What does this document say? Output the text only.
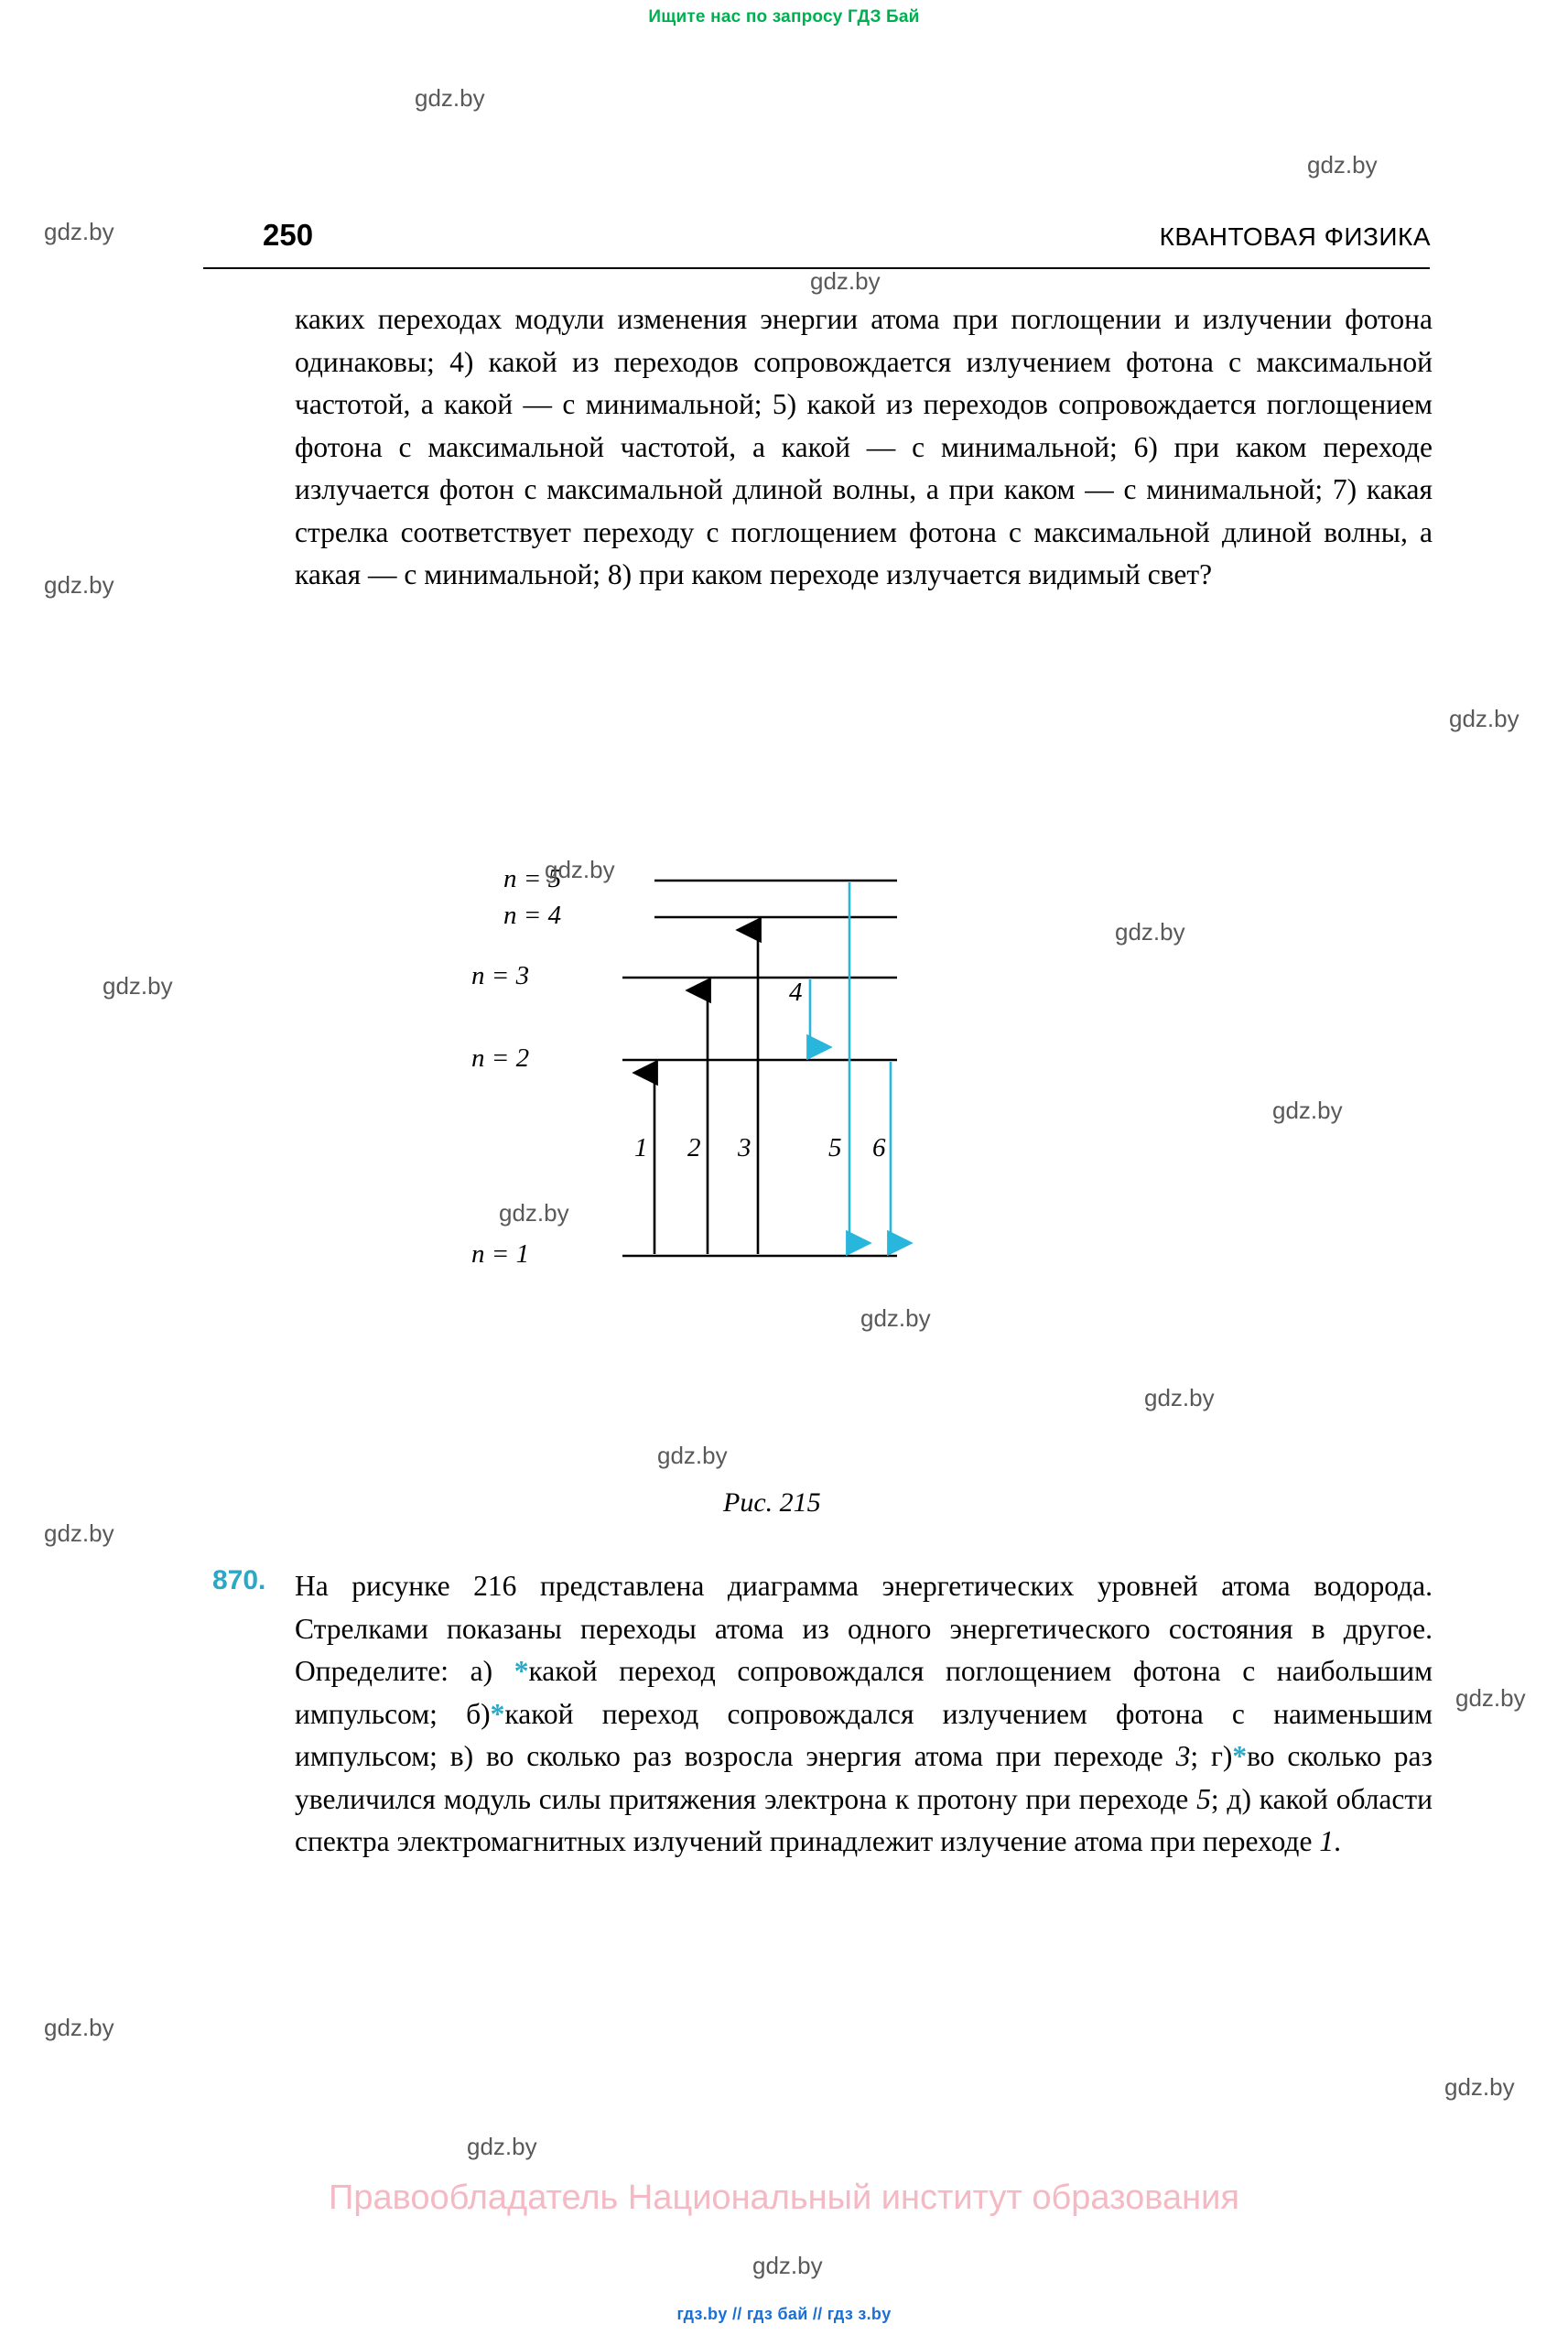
Ищите нас по запросу ГДЗ Бай
250	КВАНТОВАЯ ФИЗИКА
каких переходах модули изменения энергии атома при поглощении и излучении фотона одинаковы; 4) какой из переходов сопровождается излучением фотона с максимальной частотой, а какой — с минимальной; 5) какой из переходов сопровождается поглощением фотона с максимальной частотой, а какой — с минимальной; 6) при каком переходе излучается фотон с максимальной длиной волны, а при каком — с минимальной; 7) какая стрелка соответствует переходу с поглощением фотона с максимальной длиной волны, а какая — с минимальной; 8) при каком переходе излучается видимый свет?
n = 5
n = 4
n = 3
n = 2
n = 1
1 2 3
4
5 6
Рис. 215
870. На рисунке 216 представлена диаграмма энергетических уровней атома водорода. Стрелками показаны переходы атома из одного энергетического состояния в другое. Определите: а) *какой переход сопровождался поглощением фотона с наибольшим импульсом; б)*какой переход сопровождался излучением фотона с наименьшим импульсом; в) во сколько раз возросла энергия атома при переходе 3; г)*во сколько раз увеличился модуль силы притяжения электрона к протону при переходе 5; д) какой области спектра электромагнитных излучений принадлежит излучение атома при переходе 1.
Правообладатель Национальный институт образования
гдз.by // гдз бай // гдз з.by
gdz.by
gdz.by
gdz.by
gdz.by
gdz.by
gdz.by
gdz.by
gdz.by
gdz.by
gdz.by
gdz.by
gdz.by
gdz.by
gdz.by
gdz.by
gdz.by
gdz.by
gdz.by
gdz.by
gdz.by
